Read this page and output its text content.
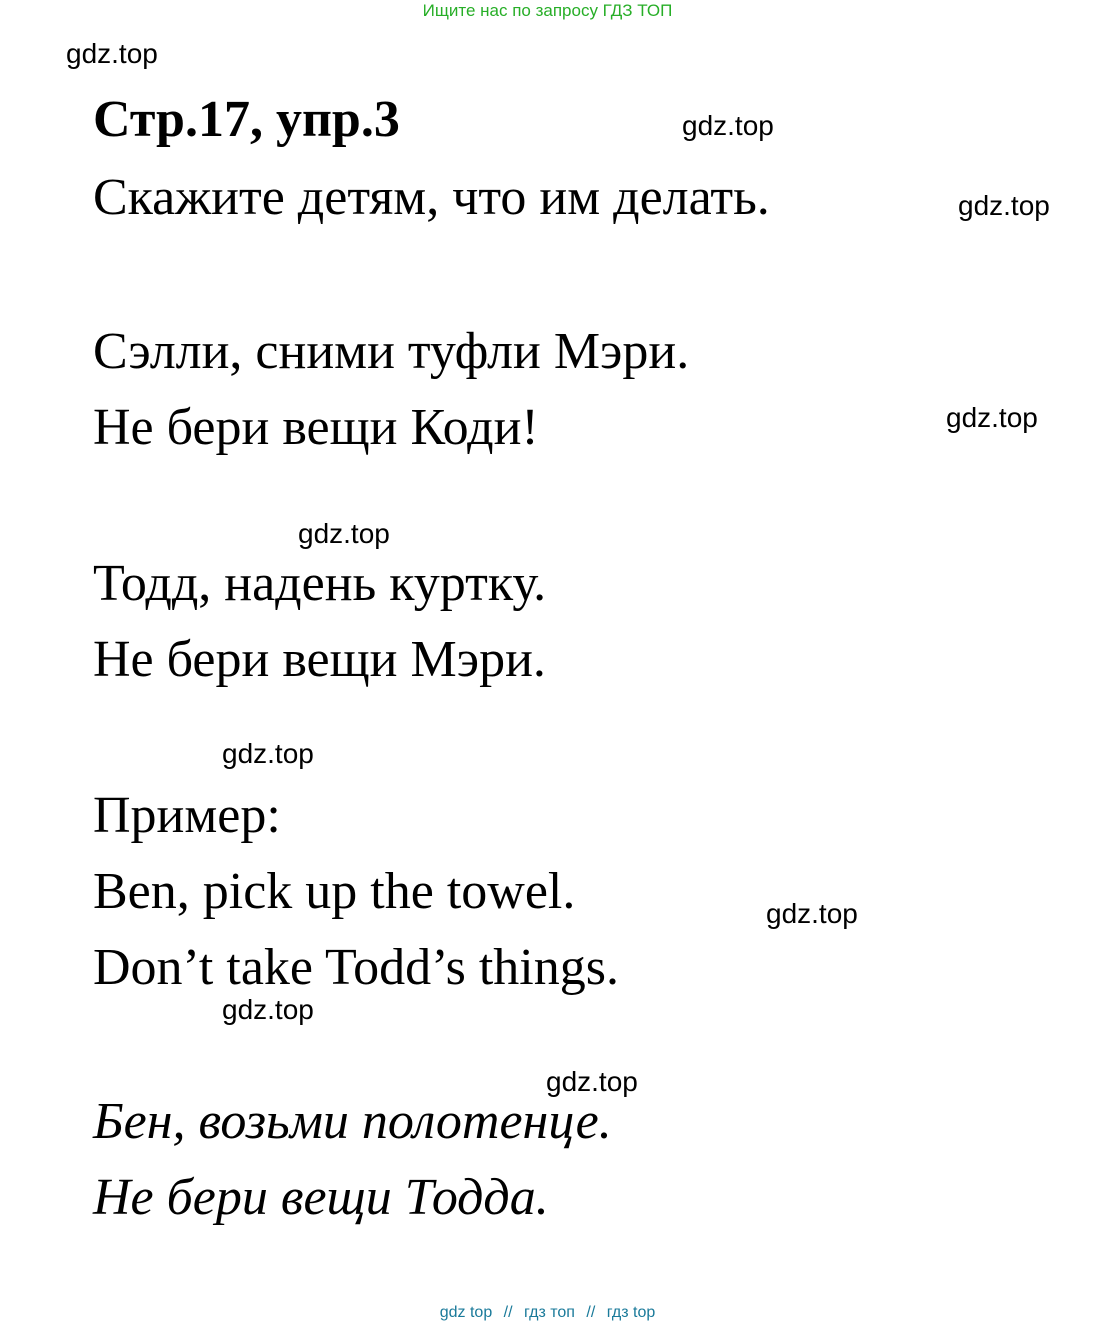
Ищите нас по запросу ГДЗ ТОП
gdz.top
gdz.top
gdz.top
gdz.top
gdz.top
gdz.top
gdz.top
gdz.top
gdz.top
Стр.17, упр.3
Скажите детям, что им делать.
Сэлли, сними туфли Мэри.
Не бери вещи Коди!
Тодд, надень куртку.
Не бери вещи Мэри.
Пример:
Ben, pick up the towel.
Don’t take Todd’s things.
Бен, возьми полотенце.
Не бери вещи Тодда.
gdz top // гдз топ // гдз top
